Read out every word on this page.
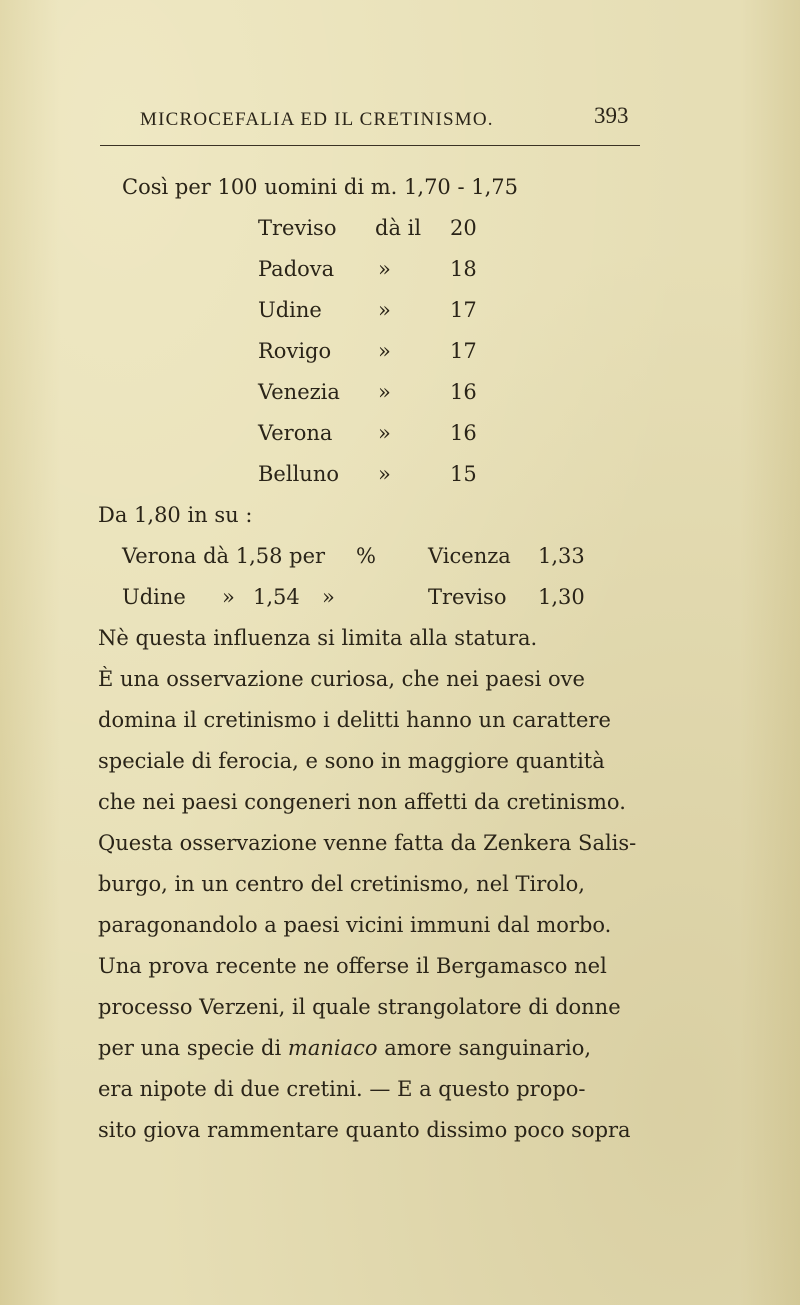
MICROCEFALIA ED IL CRETINISMO.	393
Così per 100 uomini di m. 1,70 - 1,75
Treviso dà il 20
Padova »	18
Udine	»	17
Rovigo »	17
Venezia »	16
Verona »	16
Belluno »	15
Da 1,80 in su :
Verona dà 1,58 per % Vicenza 1,33
Udine » 1,54 »	Treviso 1,30
Nè questa influenza si limita alla statura.
È una osservazione curiosa, che nei paesi ove
domina il cretinismo i delitti hanno un carattere
speciale di ferocia, e sono in maggiore quantità
che nei paesi congeneri non affetti da cretinismo.
Questa osservazione venne fatta da Zenkera Salis-
burgo, in un centro del cretinismo, nel Tirolo,
paragonandolo a paesi vicini immuni dal morbo.
Una prova recente ne offerse il Bergamasco nel
processo Verzeni, il quale strangolatore di donne
per una specie di maniaco amore sanguinario,
era nipote di due cretini. — E a questo propo-
sito giova rammentare quanto dissimo poco sopra
